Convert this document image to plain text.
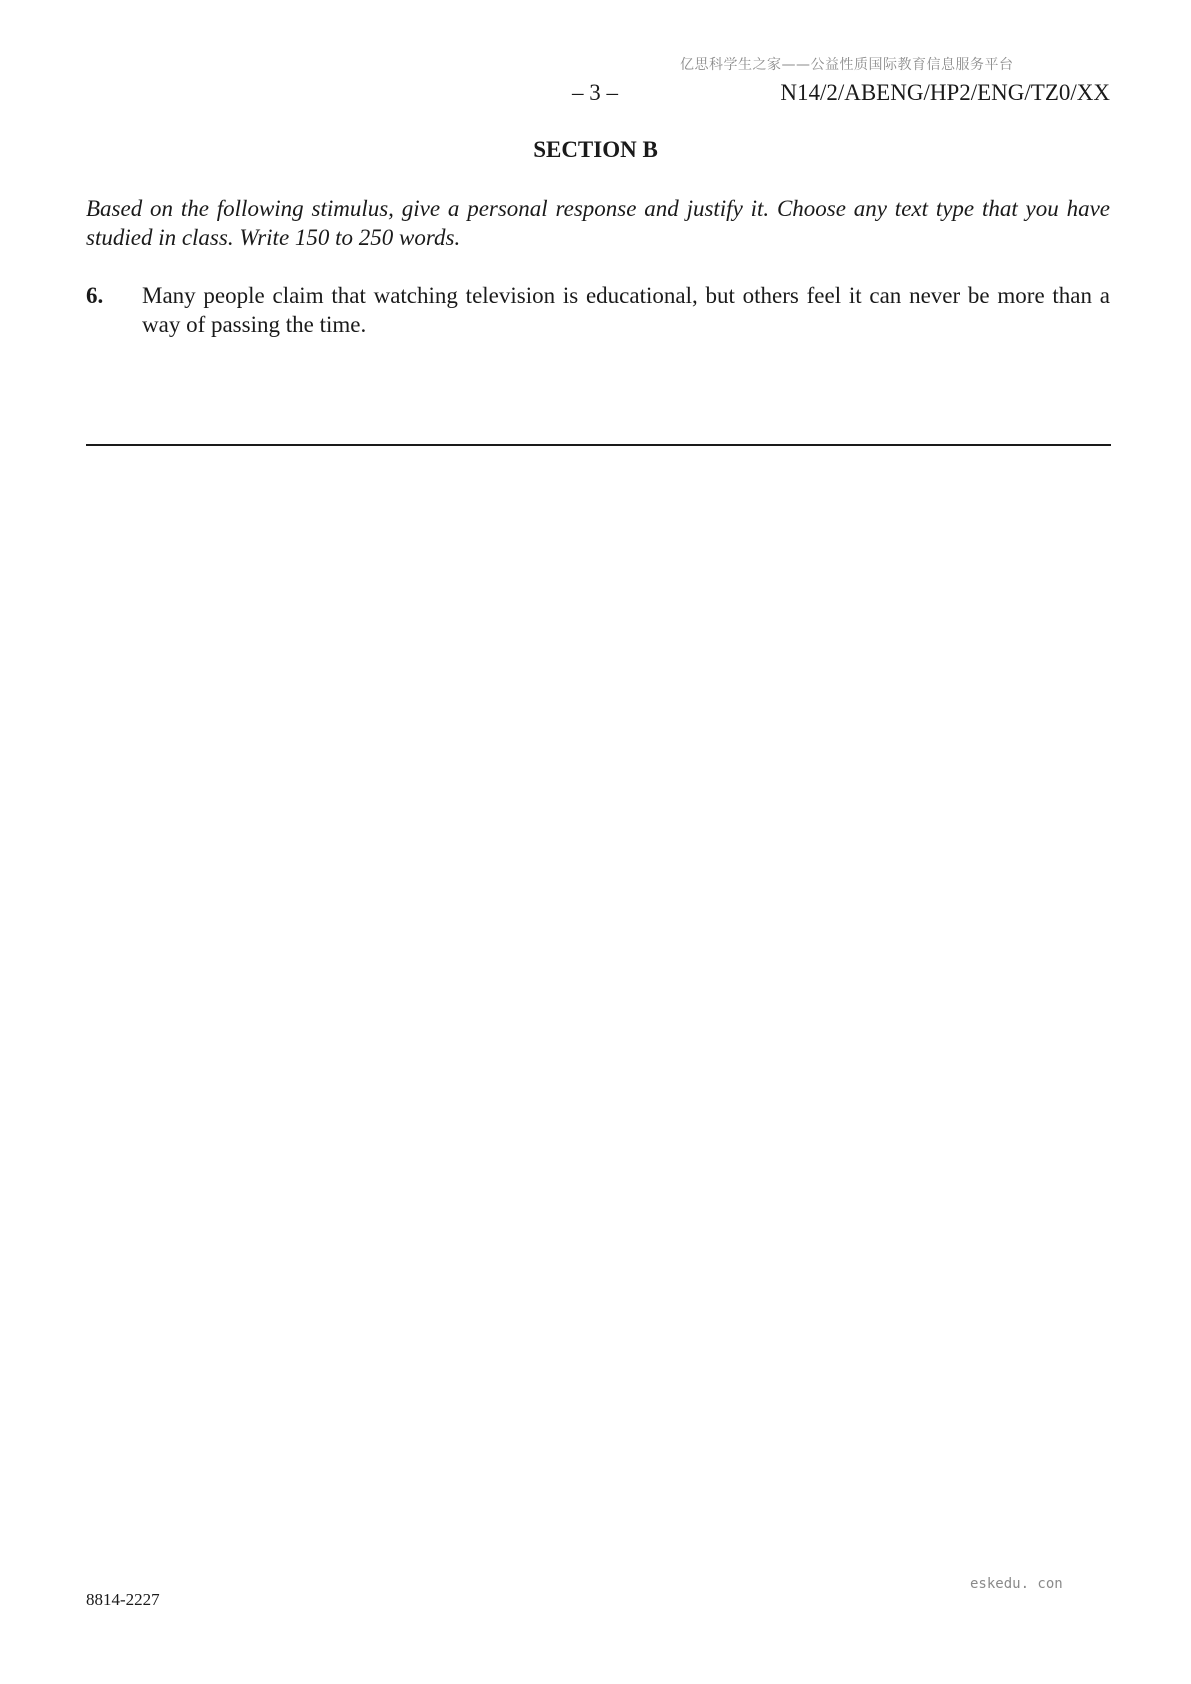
亿思科学生之家——公益性质国际教育信息服务平台
– 3 –	N14/2/ABENG/HP2/ENG/TZ0/XX
SECTION B
Based on the following stimulus, give a personal response and justify it. Choose any text type that you have studied in class. Write 150 to 250 words.
6. Many people claim that watching television is educational, but others feel it can never be more than a way of passing the time.
eskedu. con
8814-2227
